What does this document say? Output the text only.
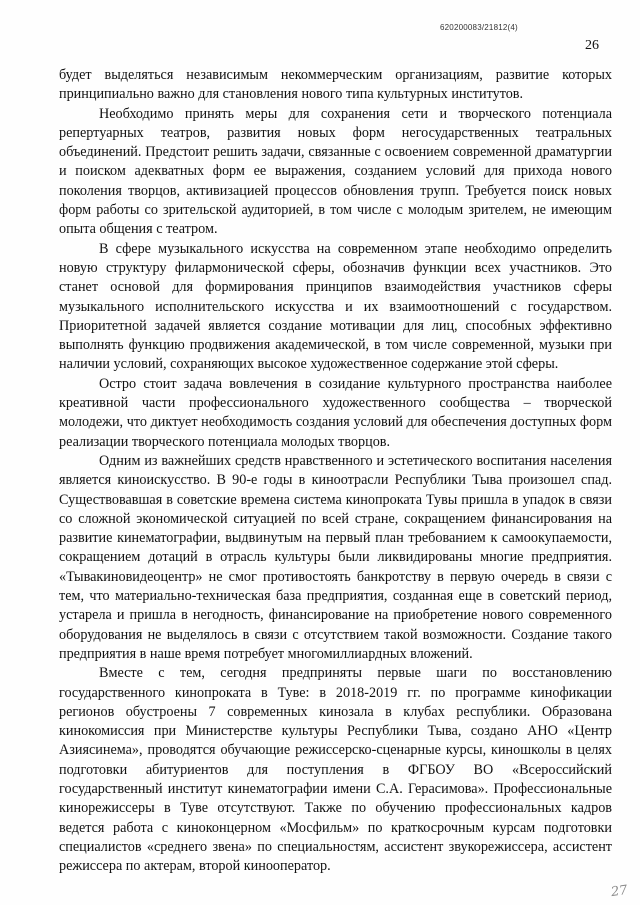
620200083/21812(4)
26

будет выделяться независимым некоммерческим организациям, развитие которых принципиально важно для становления нового типа культурных институтов.

Необходимо принять меры для сохранения сети и творческого потенциала репертуарных театров, развития новых форм негосударственных театральных объединений. Предстоит решить задачи, связанные с освоением современной драматургии и поиском адекватных форм ее выражения, созданием условий для прихода нового поколения творцов, активизацией процессов обновления трупп. Требуется поиск новых форм работы со зрительской аудиторией, в том числе с молодым зрителем, не имеющим опыта общения с театром.

В сфере музыкального искусства на современном этапе необходимо определить новую структуру филармонической сферы, обозначив функции всех участников. Это станет основой для формирования принципов взаимодействия участников сферы музыкального исполнительского искусства и их взаимоотношений с государством. Приоритетной задачей является создание мотивации для лиц, способных эффективно выполнять функцию продвижения академической, в том числе современной, музыки при наличии условий, сохраняющих высокое художественное содержание этой сферы.

Остро стоит задача вовлечения в созидание культурного пространства наиболее креативной части профессионального художественного сообщества – творческой молодежи, что диктует необходимость создания условий для обеспечения доступных форм реализации творческого потенциала молодых творцов.

Одним из важнейших средств нравственного и эстетического воспитания населения является киноискусство. В 90-е годы в киноотрасли Республики Тыва произошел спад. Существовавшая в советские времена система кинопроката Тувы пришла в упадок в связи со сложной экономической ситуацией по всей стране, сокращением финансирования на развитие кинематографии, выдвинутым на первый план требованием к самоокупаемости, сокращением дотаций в отрасль культуры были ликвидированы многие предприятия. «Тывакиновидеоцентр» не смог противостоять банкротству в первую очередь в связи с тем, что материально-техническая база предприятия, созданная еще в советский период, устарела и пришла в негодность, финансирование на приобретение нового современного оборудования не выделялось в связи с отсутствием такой возможности. Создание такого предприятия в наше время потребует многомиллиардных вложений.

Вместе с тем, сегодня предприняты первые шаги по восстановлению государственного кинопроката в Туве: в 2018-2019 гг. по программе кинофикации регионов обустроены 7 современных кинозала в клубах республики. Образована кинокомиссия при Министерстве культуры Республики Тыва, создано АНО «Центр Азиясинема», проводятся обучающие режиссерско-сценарные курсы, киношколы в целях подготовки абитуриентов для поступления в ФГБОУ ВО «Всероссийский государственный институт кинематографии имени С.А. Герасимова». Профессиональные кинорежиссеры в Туве отсутствуют. Также по обучению профессиональных кадров ведется работа с киноконцерном «Мосфильм» по краткосрочным курсам подготовки специалистов «среднего звена» по специальностям, ассистент звукорежиссера, ассистент режиссера по актерам, второй кинооператор.

27
